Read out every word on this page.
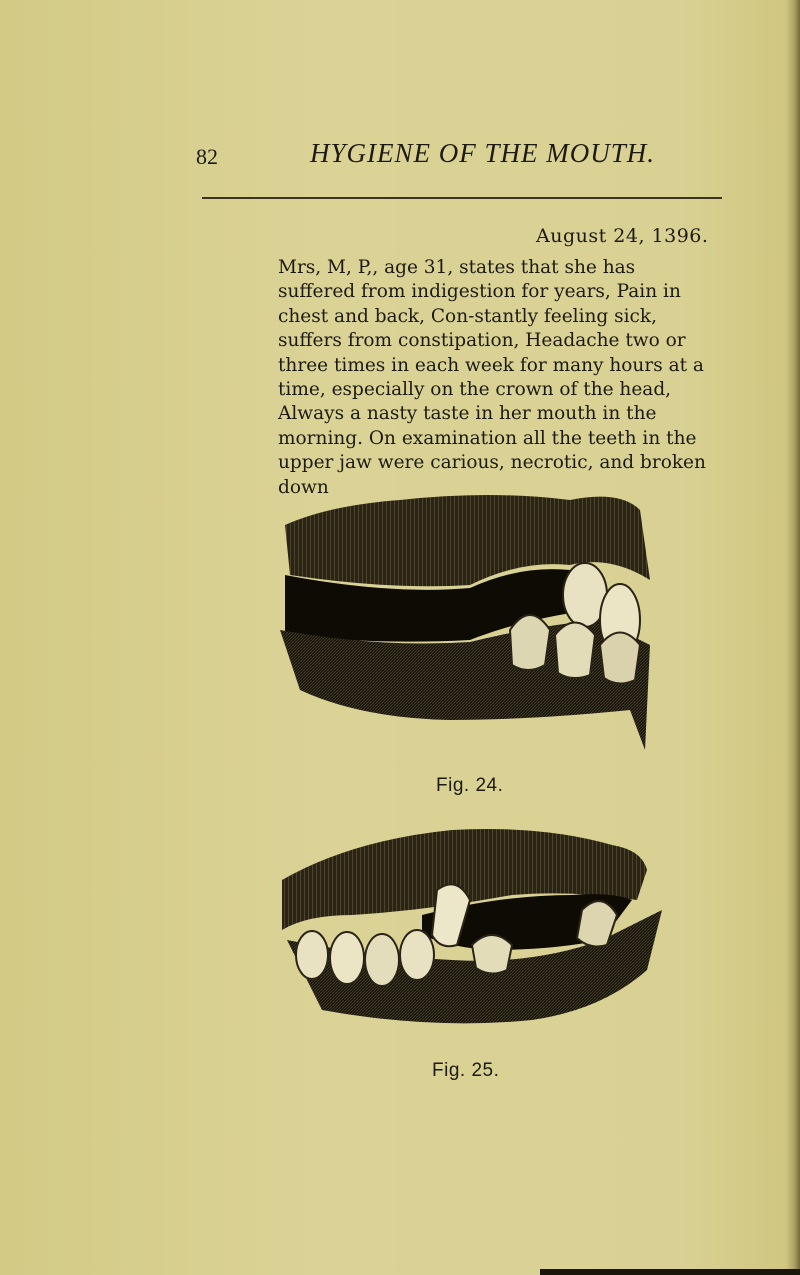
82	HYGIENE OF THE MOUTH.
August 24, 1396.

Mrs, M, P,, age 31, states that she has suffered from indigestion for years, Pain in chest and back, Con-stantly feeling sick, suffers from constipation, Headache two or three times in each week for many hours at a time, especially on the crown of the head, Always a nasty taste in her mouth in the morning. On examination all the teeth in the upper jaw were carious, necrotic, and broken down

Fig. 24.
Fig. 25.
